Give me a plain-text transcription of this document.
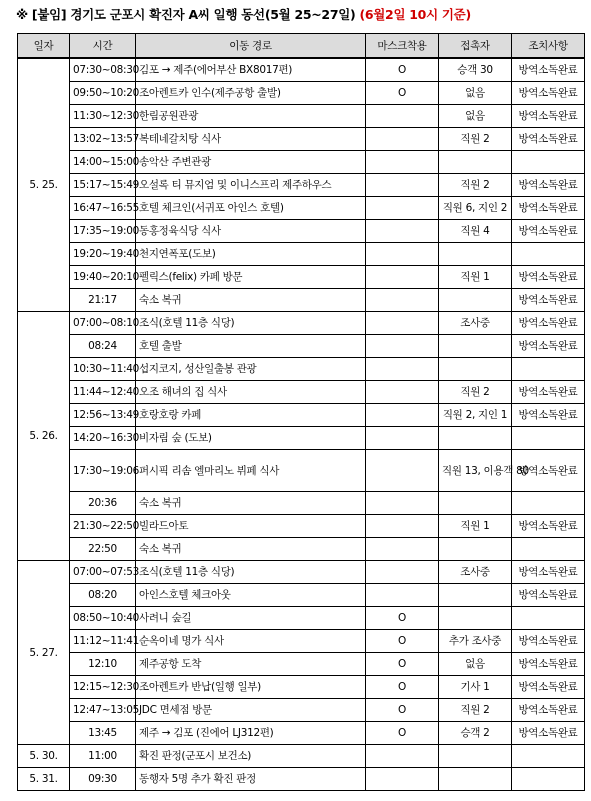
※ [붙임] 경기도 군포시 확진자 A씨 일행 동선(5월 25~27일) (6월2일 10시 기준)
일자	시간	이동 경로	마스크착용	접촉자	조치사항
5. 25.	07:30~08:30	김포 → 제주(에어부산 BX8017편)	O	승객 30	방역소독완료
	09:50~10:20	조아렌트카 인수(제주공항 출발)	O	없음	방역소독완료
	11:30~12:30	한림공원관광		없음	방역소독완료
	13:02~13:57	복테네갈치탕 식사		직원 2	방역소독완료
	14:00~15:00	송악산 주변관광			
	15:17~15:49	오설록 티 뮤지엄 및 이니스프리 제주하우스		직원 2	방역소독완료
	16:47~16:55	호텔 체크인(서귀포 아인스 호텔)		직원 6, 지인 2	방역소독완료
	17:35~19:00	동홍정육식당 식사		직원 4	방역소독완료
	19:20~19:40	천지연폭포(도보)			
	19:40~20:10	펠릭스(felix) 카페 방문		직원 1	방역소독완료
	21:17	숙소 복귀			방역소독완료
5. 26.	07:00~08:10	조식(호텔 11층 식당)		조사중	방역소독완료
	08:24	호텔 출발			방역소독완료
	10:30~11:40	섭지코지, 성산일출봉 관광			
	11:44~12:40	오조 해녀의 집 식사		직원 2	방역소독완료
	12:56~13:49	호랑호랑 카페		직원 2, 지인 1	방역소독완료
	14:20~16:30	비자림 숲 (도보)			
	17:30~19:06	퍼시픽 리솜 엘마리노 뷔페 식사		직원 13, 이용객 80	방역소독완료
	20:36	숙소 복귀			
	21:30~22:50	빌라드아토		직원 1	방역소독완료
	22:50	숙소 복귀			
5. 27.	07:00~07:53	조식(호텔 11층 식당)		조사중	방역소독완료
	08:20	아인스호텔 체크아웃			방역소독완료
	08:50~10:40	사려니 숲길	O		
	11:12~11:41	순옥이네 명가 식사	O	추가 조사중	방역소독완료
	12:10	제주공항 도착	O	없음	방역소독완료
	12:15~12:30	조아렌트카 반납(일행 일부)	O	기사 1	방역소독완료
	12:47~13:05	JDC 면세점 방문	O	직원 2	방역소독완료
	13:45	제주 → 김포 (진에어 LJ312편)	O	승객 2	방역소독완료
5. 30.	11:00	확진 판정(군포시 보건소)			
5. 31.	09:30	동행자 5명 추가 확진 판정			
